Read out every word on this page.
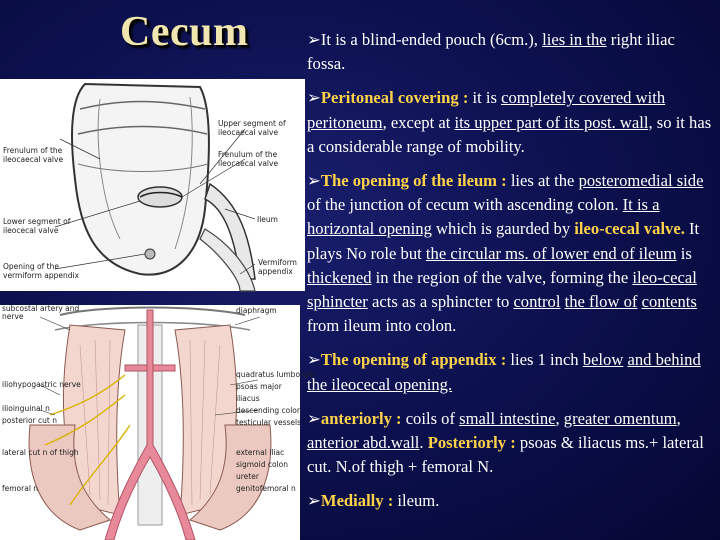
Cecum
Upper segment of
ileocaecal valve
Frenulum of the
ileocaecal valve
Frenulum of the
ileocaecal valve
Ileum
Lower segment of
ileocecal valve
Opening of the
vermiform appendix
Vermiform
appendix
subcostal artery and
nerve
iliohypogastric nerve
ilioinguinal n
posterior cut n
lateral cut n of thigh
femoral n
diaphragm
quadratus lumborum
psoas major
iliacus
descending colon
testicular vessels
external iliac
sigmoid colon
ureter
genitofemoral n

➢It is a blind-ended pouch (6cm.), lies in the right iliac fossa.

➢Peritoneal covering : it is completely covered with peritoneum, except at its upper part of its post. wall, so it has a considerable range of mobility.

➢The opening of the ileum : lies at the posteromedial side of the junction of cecum with ascending colon. It is a horizontal opening which is gaurded by ileo-cecal valve. It plays No role but the circular ms. of lower end of ileum is thickened in the region of the valve, forming the ileo-cecal sphincter acts as a sphincter to control the flow of contents from ileum into colon.

➢The opening of appendix : lies 1 inch below and behind the ileocecal opening.

➢anteriorly : coils of small intestine, greater omentum, anterior abd.wall. Posteriorly : psoas & iliacus ms.+ lateral cut. N.of thigh + femoral N.

➢Medially : ileum.
